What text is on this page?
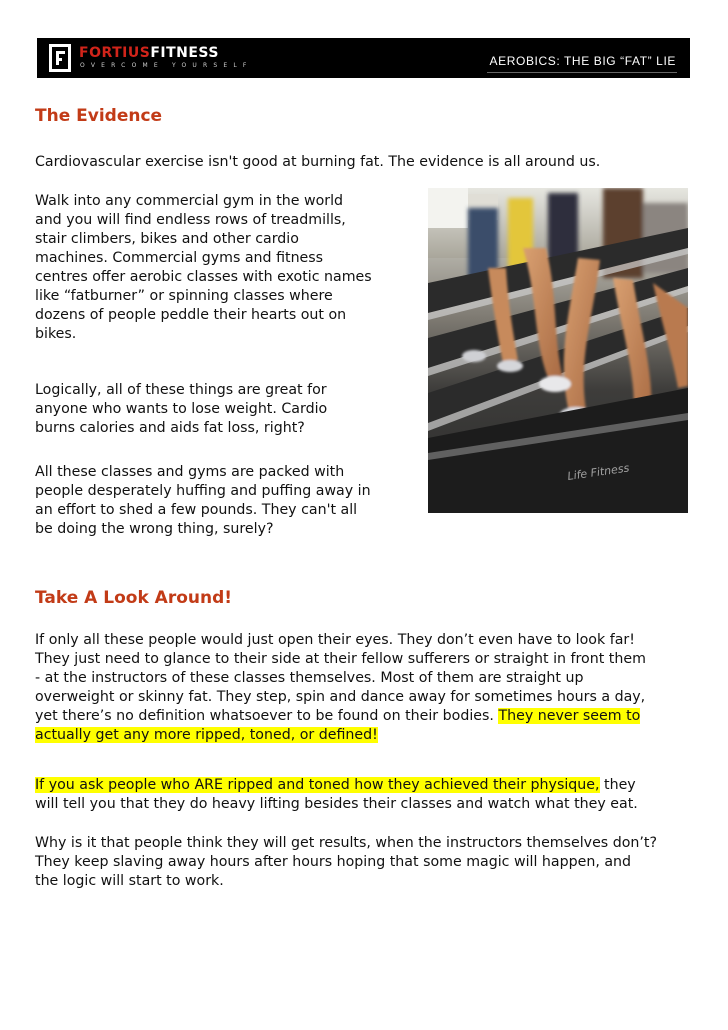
FORTIUSFITNESS
OVERCOME YOURSELF	AEROBICS: THE BIG “FAT” LIE
The Evidence

Cardiovascular exercise isn't good at burning fat. The evidence is all around us.

Walk into any commercial gym in the world
and you will find endless rows of treadmills,
stair climbers, bikes and other cardio
machines. Commercial gyms and fitness
centres offer aerobic classes with exotic names
like “fatburner” or spinning classes where
dozens of people peddle their hearts out on
bikes.

Logically, all of these things are great for
anyone who wants to lose weight. Cardio
burns calories and aids fat loss, right?

All these classes and gyms are packed with
people desperately huffing and puffing away in
an effort to shed a few pounds. They can't all
be doing the wrong thing, surely?

Life Fitness
Take A Look Around!

If only all these people would just open their eyes. They don’t even have to look far!
They just need to glance to their side at their fellow sufferers or straight in front them
- at the instructors of these classes themselves. Most of them are straight up
overweight or skinny fat. They step, spin and dance away for sometimes hours a day,
yet there’s no definition whatsoever to be found on their bodies. They never seem to
actually get any more ripped, toned, or defined!

If you ask people who ARE ripped and toned how they achieved their physique, they
will tell you that they do heavy lifting besides their classes and watch what they eat.

Why is it that people think they will get results, when the instructors themselves don’t?
They keep slaving away hours after hours hoping that some magic will happen, and
the logic will start to work.
